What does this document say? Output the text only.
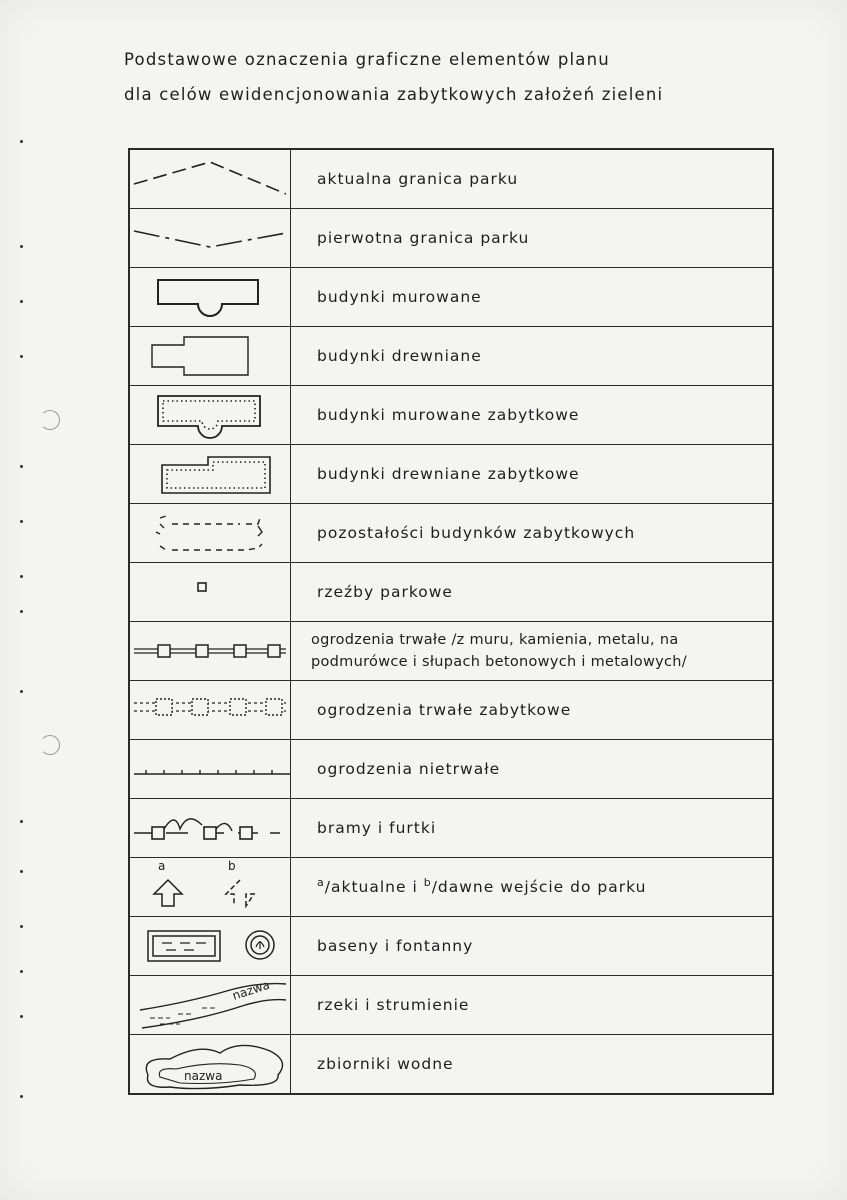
Podstawowe oznaczenia graficzne elementów planu
dla celów ewidencjonowania zabytkowych założeń zieleni
	aktualna granica parku

	pierwotna granica parku

	budynki murowane

	budynki drewniane

	budynki murowane zabytkowe

	budynki drewniane zabytkowe

	pozostałości budynków zabytkowych

	rzeźby parkowe

	ogrodzenia trwałe /z muru, kamienia, metalu, na podmurówce i słupach betonowych i metalowych/

	ogrodzenia trwałe zabytkowe

	ogrodzenia nietrwałe

	bramy i furtki

a b	$^a$/aktualne i $^b$/dawne wejście do parku

	baseny i fontanny

nazwa	rzeki i strumienie

nazwa	zbiorniki wodne
